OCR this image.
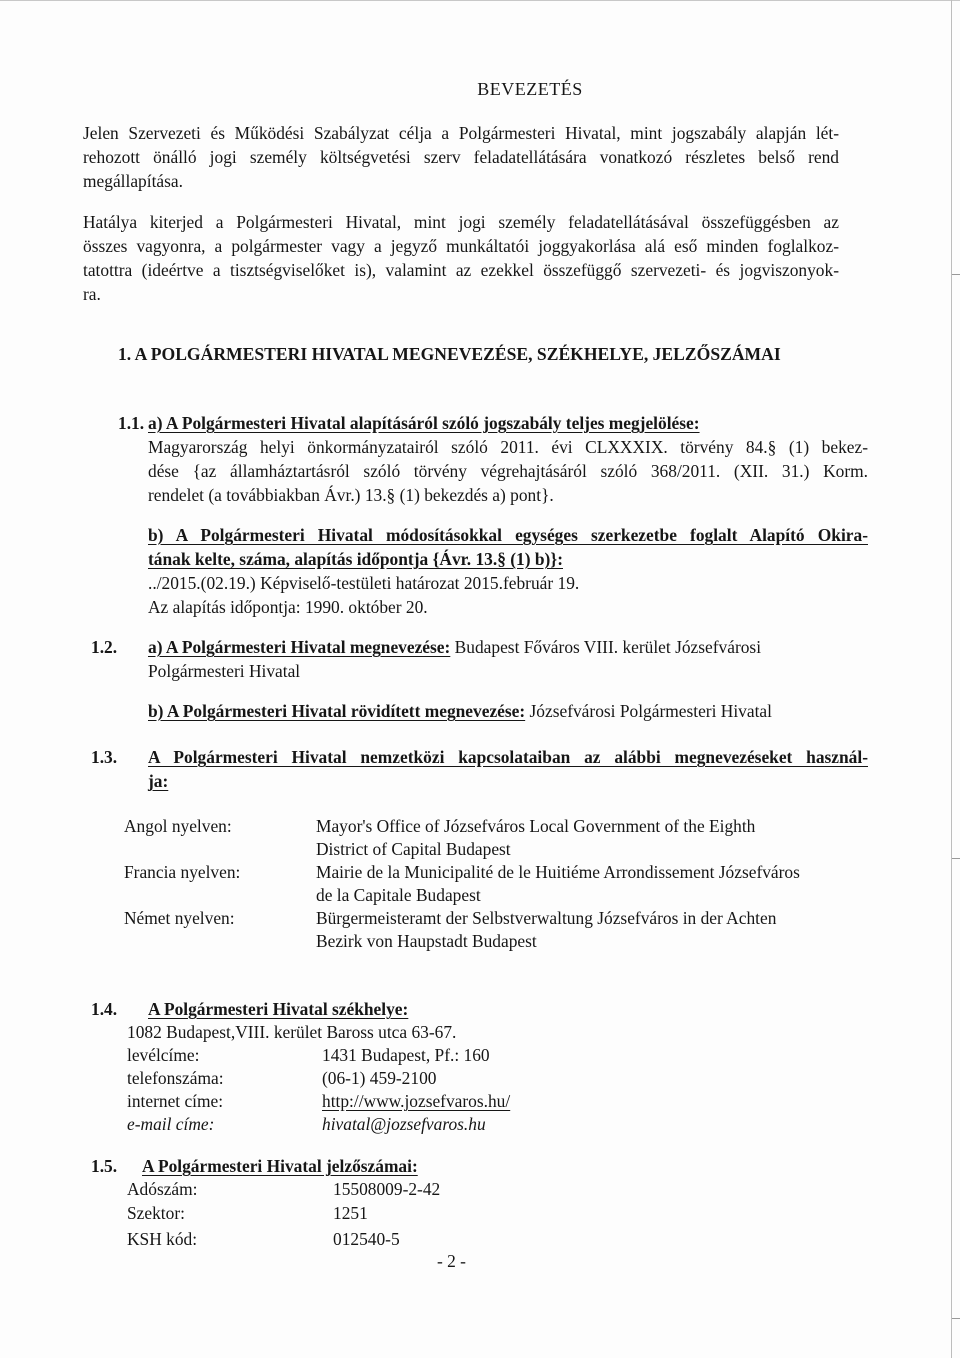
BEVEZETÉS
Jelen Szervezeti és Működési Szabályzat célja a Polgármesteri Hivatal, mint jogszabály alapján lét-
rehozott önálló jogi személy költségvetési szerv feladatellátására vonatkozó részletes belső rend
megállapítása.
Hatálya kiterjed a Polgármesteri Hivatal, mint jogi személy feladatellátásával összefüggésben az
összes vagyonra, a polgármester vagy a jegyző munkáltatói joggyakorlása alá eső minden foglalkoz-
tatottra (ideértve a tisztségviselőket is), valamint az ezekkel összefüggő szervezeti- és jogviszonyok-
ra.
1. A POLGÁRMESTERI HIVATAL MEGNEVEZÉSE, SZÉKHELYE, JELZŐSZÁMAI
1.1. a) A Polgármesteri Hivatal alapításáról szóló jogszabály teljes megjelölése:
Magyarország helyi önkormányzatairól szóló 2011. évi CLXXXIX. törvény 84.§ (1) bekez-
dése {az államháztartásról szóló törvény végrehajtásáról szóló 368/2011. (XII. 31.) Korm.
rendelet (a továbbiakban Ávr.) 13.§ (1) bekezdés a) pont}.
b) A Polgármesteri Hivatal módosításokkal egységes szerkezetbe foglalt Alapító Okira-
tának kelte, száma, alapítás időpontja {Ávr. 13.§ (1) b)}:
../2015.(02.19.) Képviselő-testületi határozat 2015.február 19.
Az alapítás időpontja: 1990. október 20.
1.2. a) A Polgármesteri Hivatal megnevezése: Budapest Főváros VIII. kerület Józsefvárosi
Polgármesteri Hivatal
b) A Polgármesteri Hivatal rövidített megnevezése: Józsefvárosi Polgármesteri Hivatal
1.3. A Polgármesteri Hivatal nemzetközi kapcsolataiban az alábbi megnevezéseket használ-
ja:
Angol nyelven:	Mayor's Office of Józsefváros Local Government of the Eighth
District of Capital Budapest
Francia nyelven:	Mairie de la Municipalité de le Huitiéme Arrondissement Józsefváros
de la Capitale Budapest
Német nyelven:	Bürgermeisteramt der Selbstverwaltung Józsefváros in der Achten
Bezirk von Haupstadt Budapest
1.4. A Polgármesteri Hivatal székhelye:
1082 Budapest,VIII. kerület Baross utca 63-67.
levélcíme:	1431 Budapest, Pf.: 160
telefonszáma:	(06-1) 459-2100
internet címe:	http://www.jozsefvaros.hu/
e-mail címe:	hivatal@jozsefvaros.hu
1.5. A Polgármesteri Hivatal jelzőszámai:
Adószám:	15508009-2-42
Szektor:	1251
KSH kód:	012540-5
- 2 -
